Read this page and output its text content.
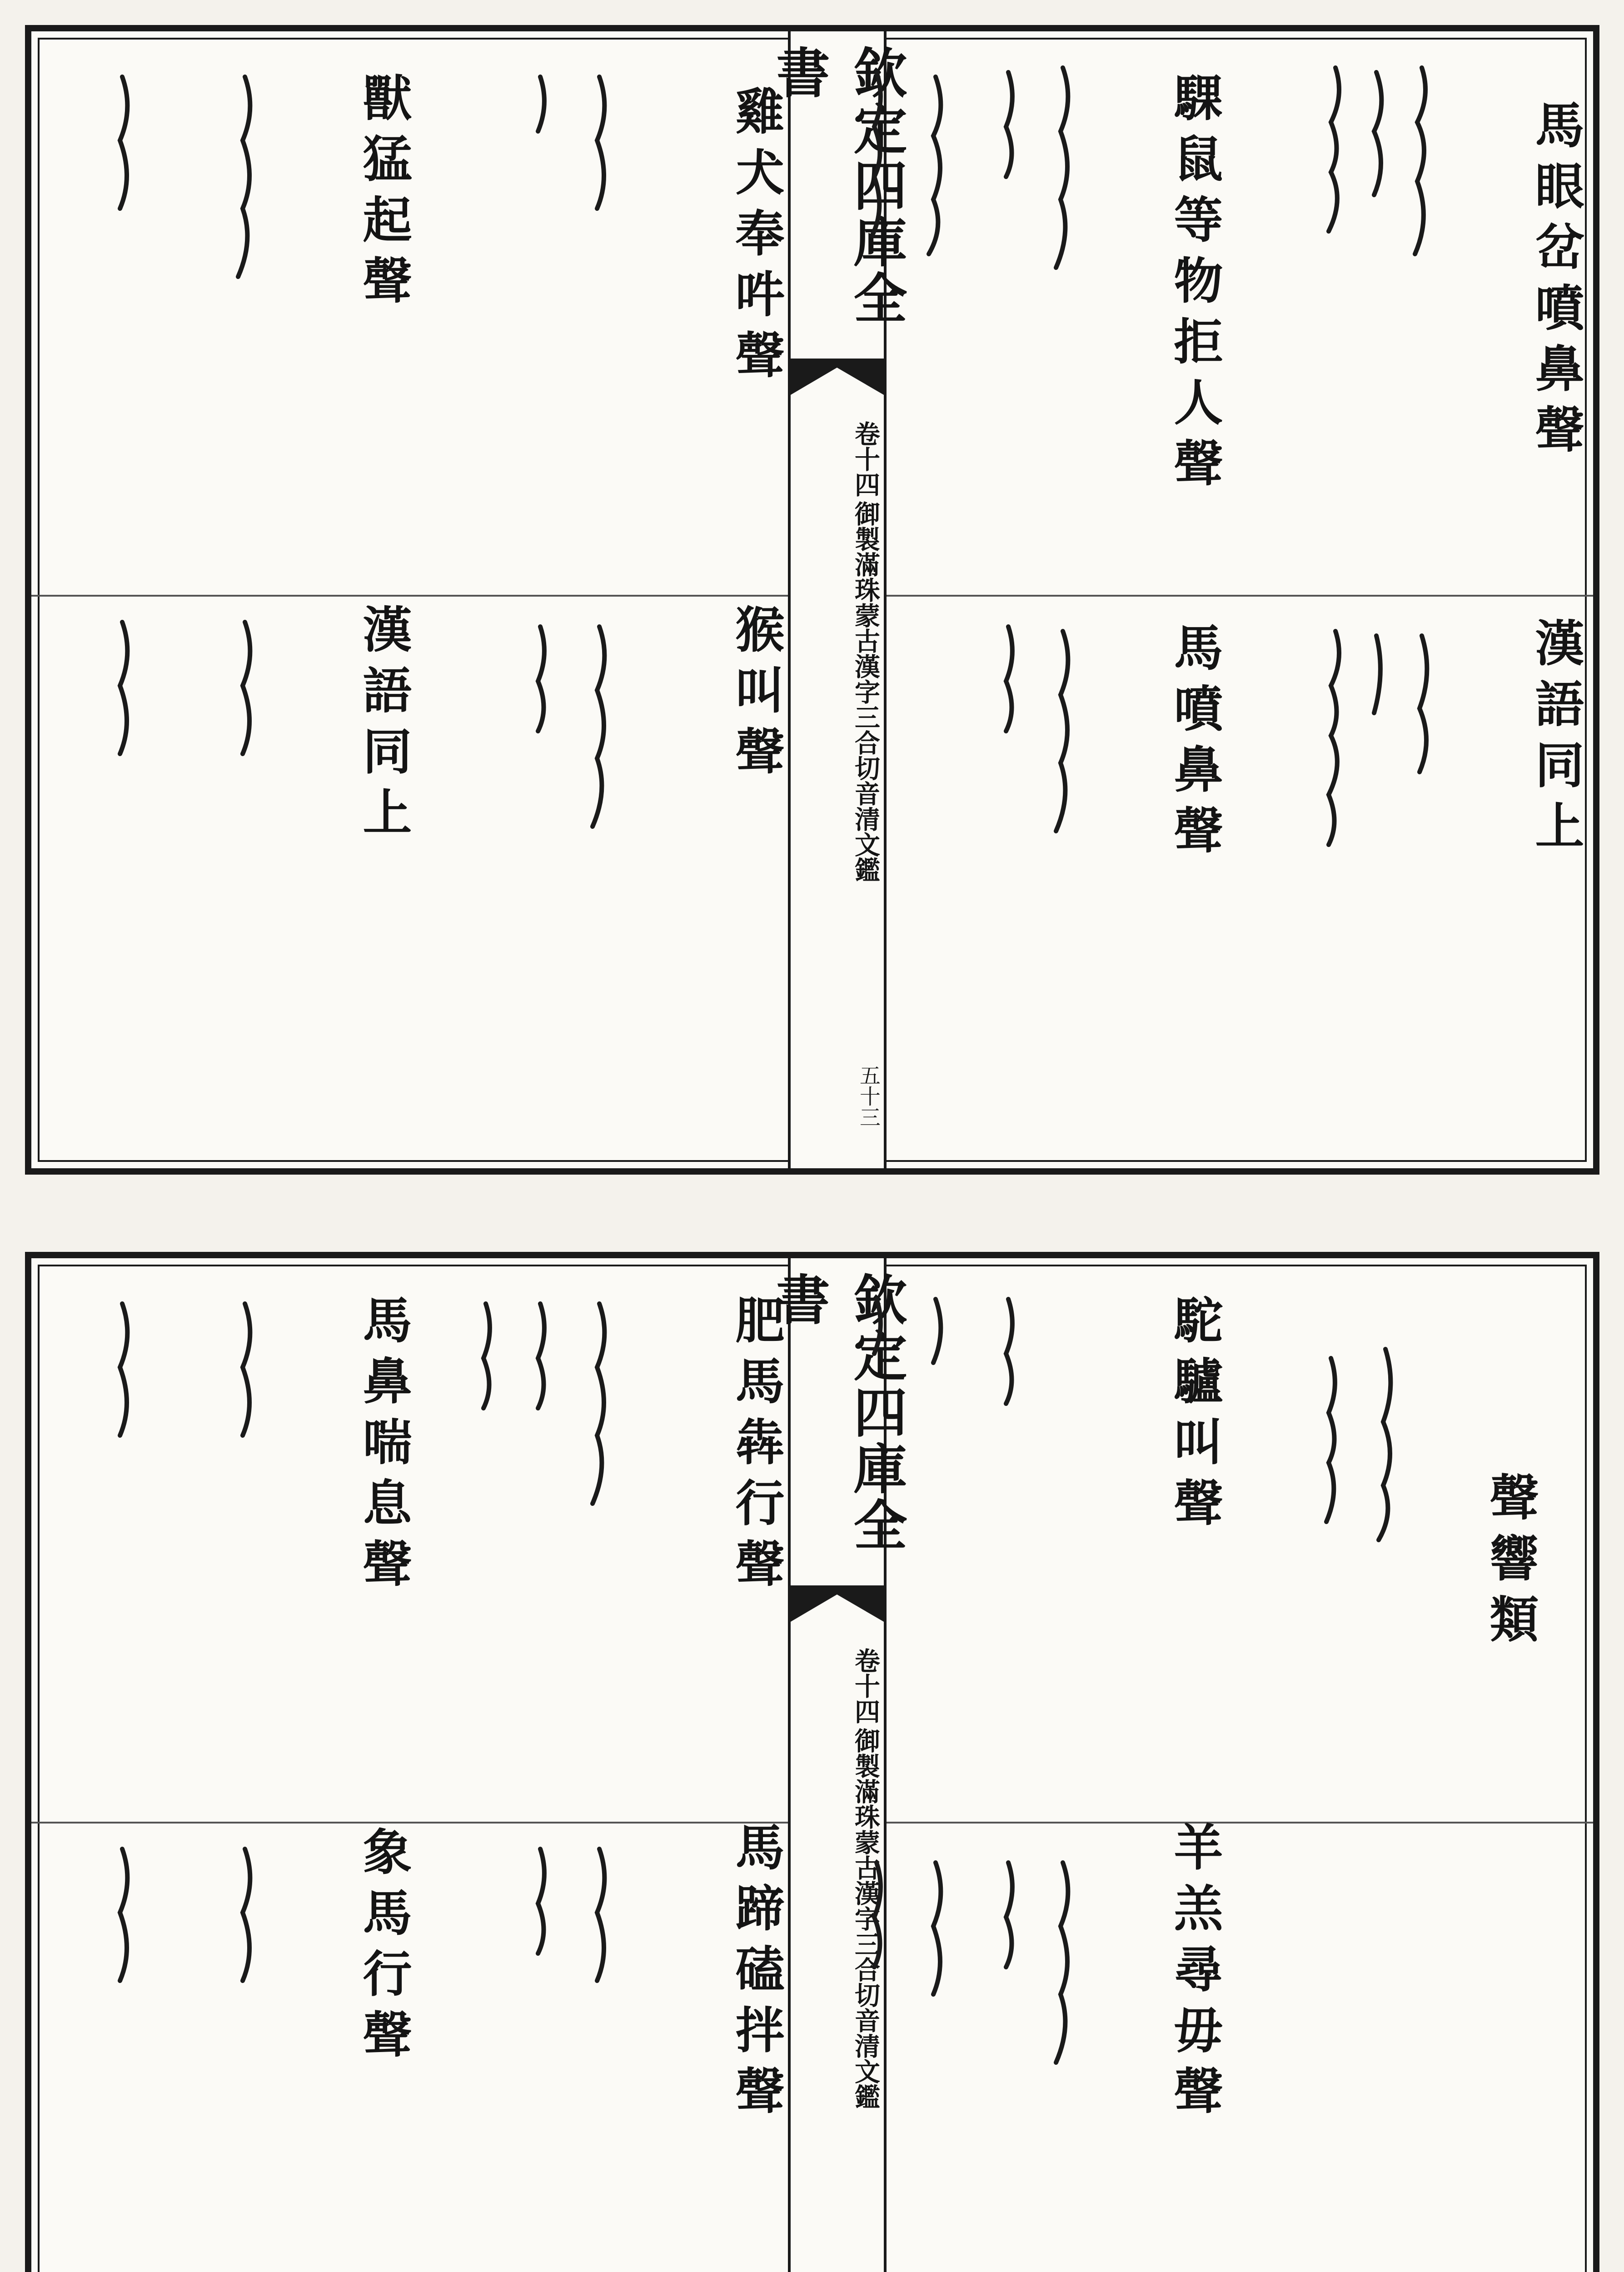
欽定四庫全書
卷十四
御製滿珠蒙古漢字三合切音清文鑑
五十三
馬眼岔噴鼻聲
騍鼠等物拒人聲
漢語同上
馬噴鼻聲
雞犬奉吽聲
猴叫聲
獸猛起聲
漢語同上
欽定四庫全書
卷十四
御製滿珠蒙古漢字三合切音清文鑑
聲響類
駝驢叫聲
羊羔尋毋聲
肥馬犇行聲
馬蹄磕拌聲
馬鼻喘息聲
象馬行聲
